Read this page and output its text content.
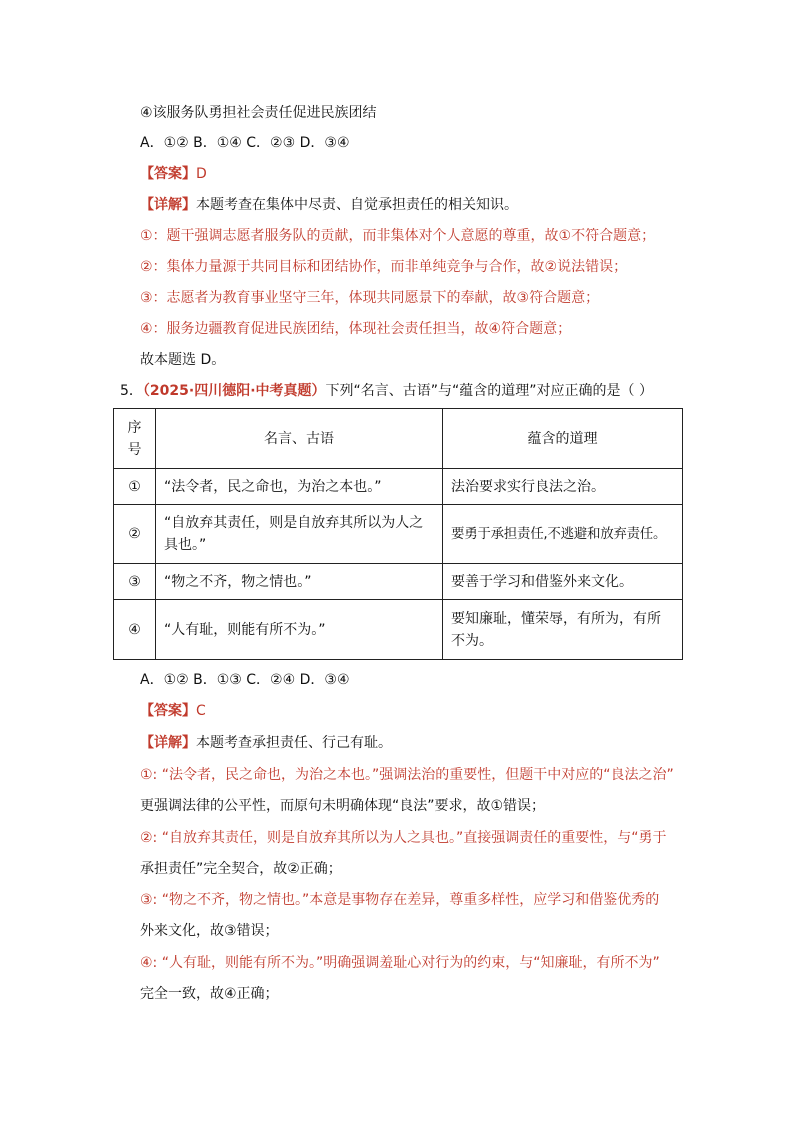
④该服务队勇担社会责任促进民族团结
A．①② B．①④ C．②③ D．③④
【答案】D
【详解】本题考查在集体中尽责、自觉承担责任的相关知识。
①：题干强调志愿者服务队的贡献，而非集体对个人意愿的尊重，故①不符合题意；
②：集体力量源于共同目标和团结协作，而非单纯竞争与合作，故②说法错误；
③：志愿者为教育事业坚守三年，体现共同愿景下的奉献，故③符合题意；
④：服务边疆教育促进民族团结，体现社会责任担当，故④符合题意；
故本题选 D。
5．（2025·四川德阳·中考真题）下列“名言、古语”与“蕴含的道理”对应正确的是（ ）
序号	名言、古语	蕴含的道理
①	“法令者，民之命也，为治之本也。”	法治要求实行良法之治。
②	“自放弃其责任，则是自放弃其所以为人之具也。”	要勇于承担责任,不逃避和放弃责任。
③	“物之不齐，物之情也。”	要善于学习和借鉴外来文化。
④	“人有耻，则能有所不为。”	要知廉耻，懂荣辱，有所为，有所不为。
A．①② B．①③ C．②④ D．③④
【答案】C
【详解】本题考查承担责任、行己有耻。
①: “法令者，民之命也，为治之本也。”强调法治的重要性，但题干中对应的“良法之治”
更强调法律的公平性，而原句未明确体现“良法”要求，故①错误；
②: “自放弃其责任，则是自放弃其所以为人之具也。”直接强调责任的重要性，与“勇于
承担责任”完全契合，故②正确；
③: “物之不齐，物之情也。”本意是事物存在差异，尊重多样性，应学习和借鉴优秀的
外来文化，故③错误；
④: “人有耻，则能有所不为。”明确强调羞耻心对行为的约束，与“知廉耻，有所不为”
完全一致，故④正确；
